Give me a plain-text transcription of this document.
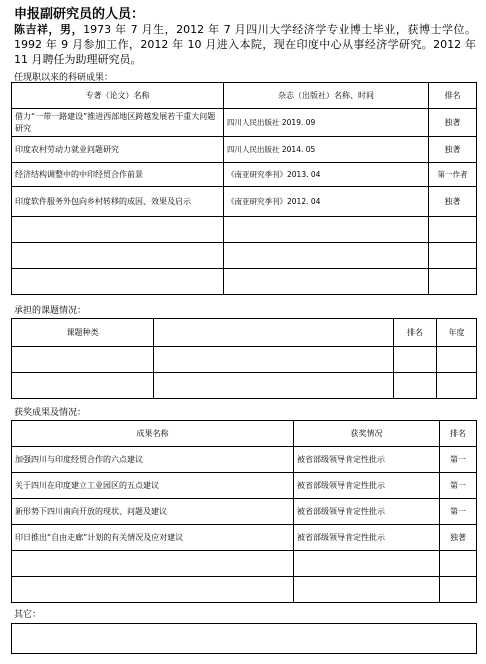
申报副研究员的人员：
陈吉祥，男，1973 年 7 月生，2012 年 7 月四川大学经济学专业博士毕业，获博士学位。1992 年 9 月参加工作，2012 年 10 月进入本院，现在印度中心从事经济学研究。2012 年 11 月聘任为助理研究员。
任现职以来的科研成果：
专著（论文）名称	杂志（出版社）名称、时间	排名
借力“一带一路建设”推进西部地区跨越发展若干重大问题研究	四川人民出版社 2019. 09	独著
印度农村劳动力就业问题研究	四川人民出版社 2014. 05	独著
经济结构调整中的中印经贸合作前景	《南亚研究季刊》2013. 04	第一作者
印度软件服务外包向乡村转移的成因、效果及启示	《南亚研究季刊》2012. 04	独著

承担的课题情况：
课题种类		排名	年度

获奖成果及情况：
成果名称	获奖情况	排名
加强四川与印度经贸合作的六点建议	被省部级领导肯定性批示	第一
关于四川在印度建立工业园区的五点建议	被省部级领导肯定性批示	第一
新形势下四川南向开放的现状、问题及建议	被省部级领导肯定性批示	第一
印日推出“自由走廊”计划的有关情况及应对建议	被省部级领导肯定性批示	独著

其它：
